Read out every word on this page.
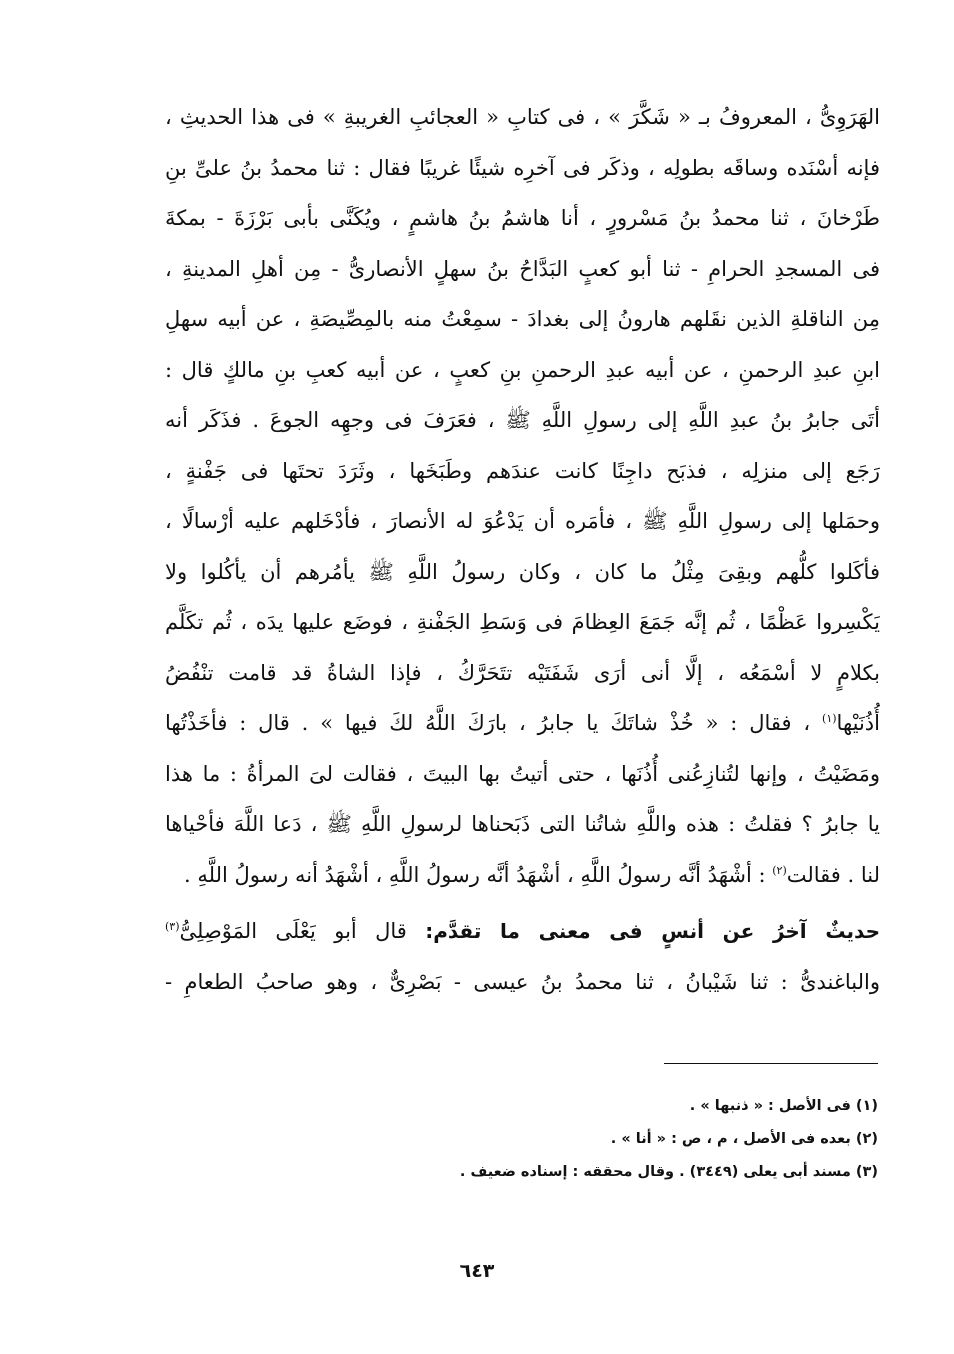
الهَرَوِىُّ ، المعروفُ بـ « شَكَّرَ » ، فى كتابِ « العجائبِ الغريبةِ » فى هذا الحديثِ ،
فإنه أسْنَده وساقَه بطولِه ، وذكَر فى آخرِه شيئًا غريبًا فقال : ثنا محمدُ بنُ علىِّ بنِ
طَرْخانَ ، ثنا محمدُ بنُ مَسْرورٍ ، أنا هاشمُ بنُ هاشمٍ ، ويُكَنَّى بأبى بَرْزَةَ - بمكةَ
فى المسجدِ الحرامِ - ثنا أبو كعبٍ البَدَّاحُ بنُ سهلٍ الأنصارىُّ - مِن أهلِ المدينةِ ،
مِن الناقلةِ الذين نقَلهم هارونُ إلى بغدادَ - سمِعْتُ منه بالمِصِّيصَةِ ، عن أبيه سهلِ
ابنِ عبدِ الرحمنِ ، عن أبيه عبدِ الرحمنِ بنِ كعبٍ ، عن أبيه كعبِ بنِ مالكٍ قال :
أتَى جابرُ بنُ عبدِ اللَّهِ إلى رسولِ اللَّهِ ﷺ ، فعَرَفَ فى وجهِه الجوعَ . فذَكَر أنه
رَجَع إلى منزلِه ، فذبَح داجِنًا كانت عندَهم وطَبَخَها ، وثَرَدَ تحتَها فى جَفْنةٍ ،
وحمَلها إلى رسولِ اللَّهِ ﷺ ، فأمَره أن يَدْعُوَ له الأنصارَ ، فأدْخَلهم عليه أرْسالًا ،
فأكَلوا كلُّهم وبقِىَ مِثْلُ ما كان ، وكان رسولُ اللَّهِ ﷺ يأمُرهم أن يأكُلوا ولا
يَكْسِروا عَظْمًا ، ثُم إنَّه جَمَعَ العِظامَ فى وَسَطِ الجَفْنةِ ، فوضَع عليها يدَه ، ثُم تكَلَّم
بكلامٍ لا أسْمَعُه ، إلَّا أنى أرَى شَفَتَيْه تتَحَرَّكُ ، فإذا الشاةُ قد قامت تنْفُضُ
أُذُنَيْها$^{(١)}$ ، فقال : « خُذْ شاتَكَ يا جابرُ ، بارَكَ اللَّهُ لكَ فيها » . قال : فأخَذْتُها
ومَضَيْتُ ، وإنها لتُنازِعُنى أُذُنَها ، حتى أتيتُ بها البيتَ ، فقالت لىَ المرأةُ : ما هذا
يا جابرُ ؟ فقلتُ : هذه واللَّهِ شاتُنا التى ذَبَحناها لرسولِ اللَّهِ ﷺ ، دَعا اللَّهَ فأحْياها
لنا . فقالت$^{(٢)}$ : أشْهَدُ أنَّه رسولُ اللَّهِ ، أشْهَدُ أنَّه رسولُ اللَّهِ ، أشْهَدُ أنه رسولُ اللَّهِ .
حديثٌ آخرُ عن أنسٍ فى معنى ما تقدَّم: قال أبو يَعْلَى المَوْصِلِىُّ$^{(٣)}$
والباغندىُّ : ثنا شَيْبانُ ، ثنا محمدُ بنُ عيسى - بَصْرِىٌّ ، وهو صاحبُ الطعامِ -
(١) فى الأصل : « ذنبها » .
(٢) بعده فى الأصل ، م ، ص : « أنا » .
(٣) مسند أبى يعلى (٣٤٤٩) . وقال محققه : إسناده ضعيف .
٦٤٣
